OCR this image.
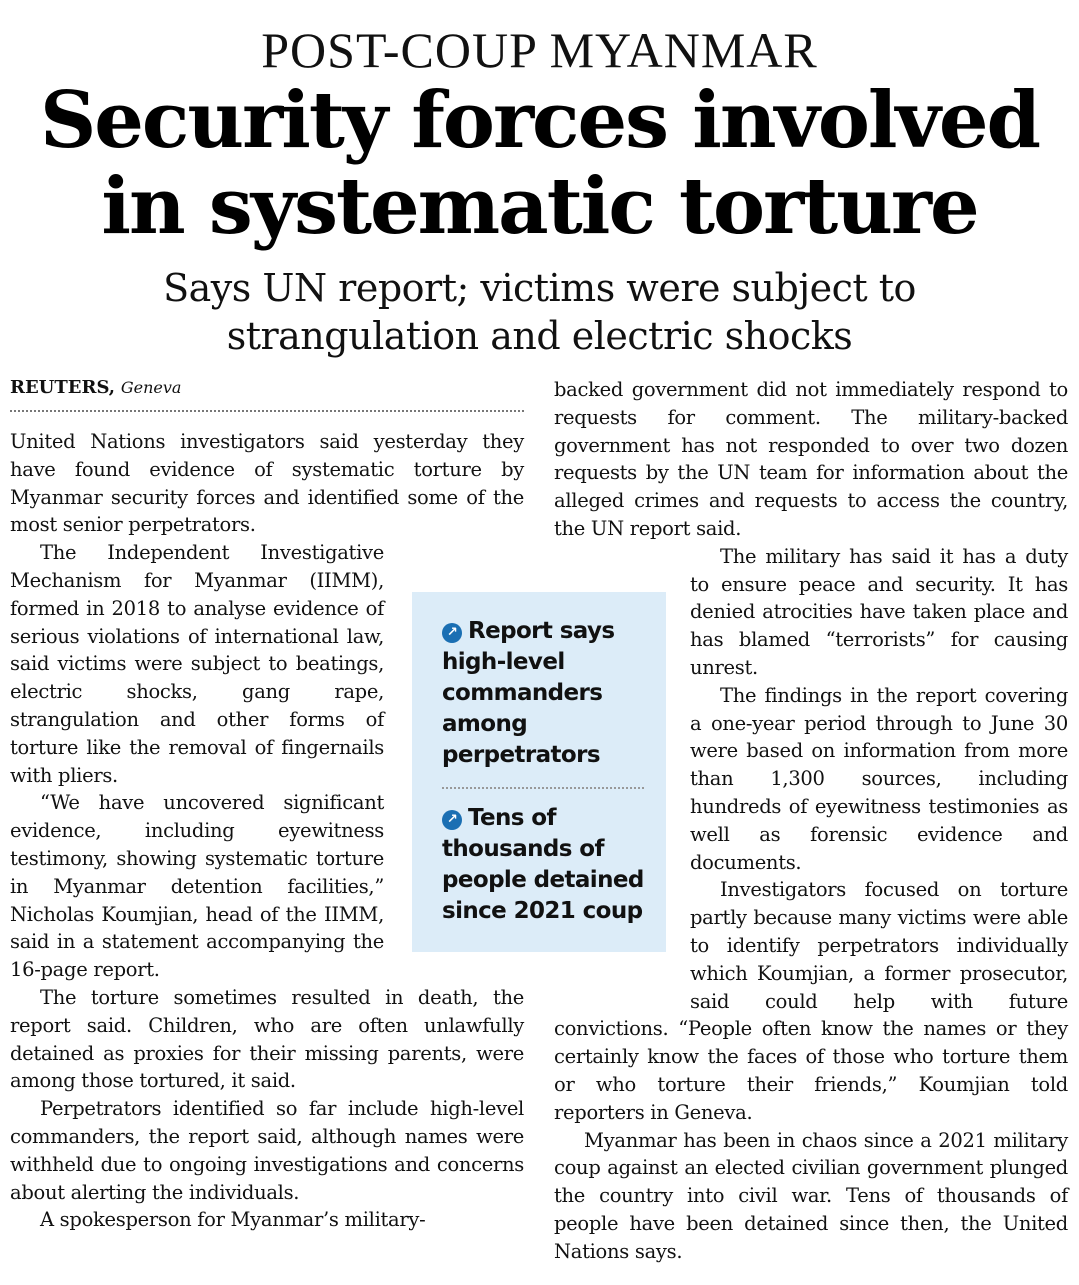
POST-COUP MYANMAR
Security forces involved
in systematic torture
Says UN report; victims were subject to
strangulation and electric shocks
REUTERS, Geneva

United Nations investigators said yesterday they have found evidence of systematic torture by Myanmar security forces and identified some of the most senior perpetrators.

The Independent Investigative Mechanism for Myanmar (IIMM), formed in 2018 to analyse evidence of serious violations of international law, said victims were subject to beatings, electric shocks, gang rape, strangulation and other forms of torture like the removal of fingernails with pliers.

“We have uncovered significant evidence, including eyewitness testimony, showing systematic torture in Myanmar detention facilities,” Nicholas Koumjian, head of the IIMM, said in a statement accompanying the 16-page report.

The torture sometimes resulted in death, the report said. Children, who are often unlawfully detained as proxies for their missing parents, were among those tortured, it said.

Perpetrators identified so far include high-level commanders, the report said, although names were withheld due to ongoing investigations and concerns about alerting the individuals.

A spokesperson for Myanmar’s military-

backed government did not immediately respond to requests for comment. The military-backed government has not responded to over two dozen requests by the UN team for information about the alleged crimes and requests to access the country, the UN report said.

The military has said it has a duty to ensure peace and security. It has denied atrocities have taken place and has blamed “terrorists” for causing unrest.

The findings in the report covering a one-year period through to June 30 were based on information from more than 1,300 sources, including hundreds of eyewitness testimonies as well as forensic evidence and documents.

Investigators focused on torture partly because many victims were able to identify perpetrators individually which Koumjian, a former prosecutor, said could help with future convictions. “People often know the names or they certainly know the faces of those who torture them or who torture their friends,” Koumjian told reporters in Geneva.

Myanmar has been in chaos since a 2021 military coup against an elected civilian government plunged the country into civil war. Tens of thousands of people have been detained since then, the United Nations says.

↗ Report says high-level commanders among perpetrators
↗ Tens of thousands of people detained since 2021 coup
